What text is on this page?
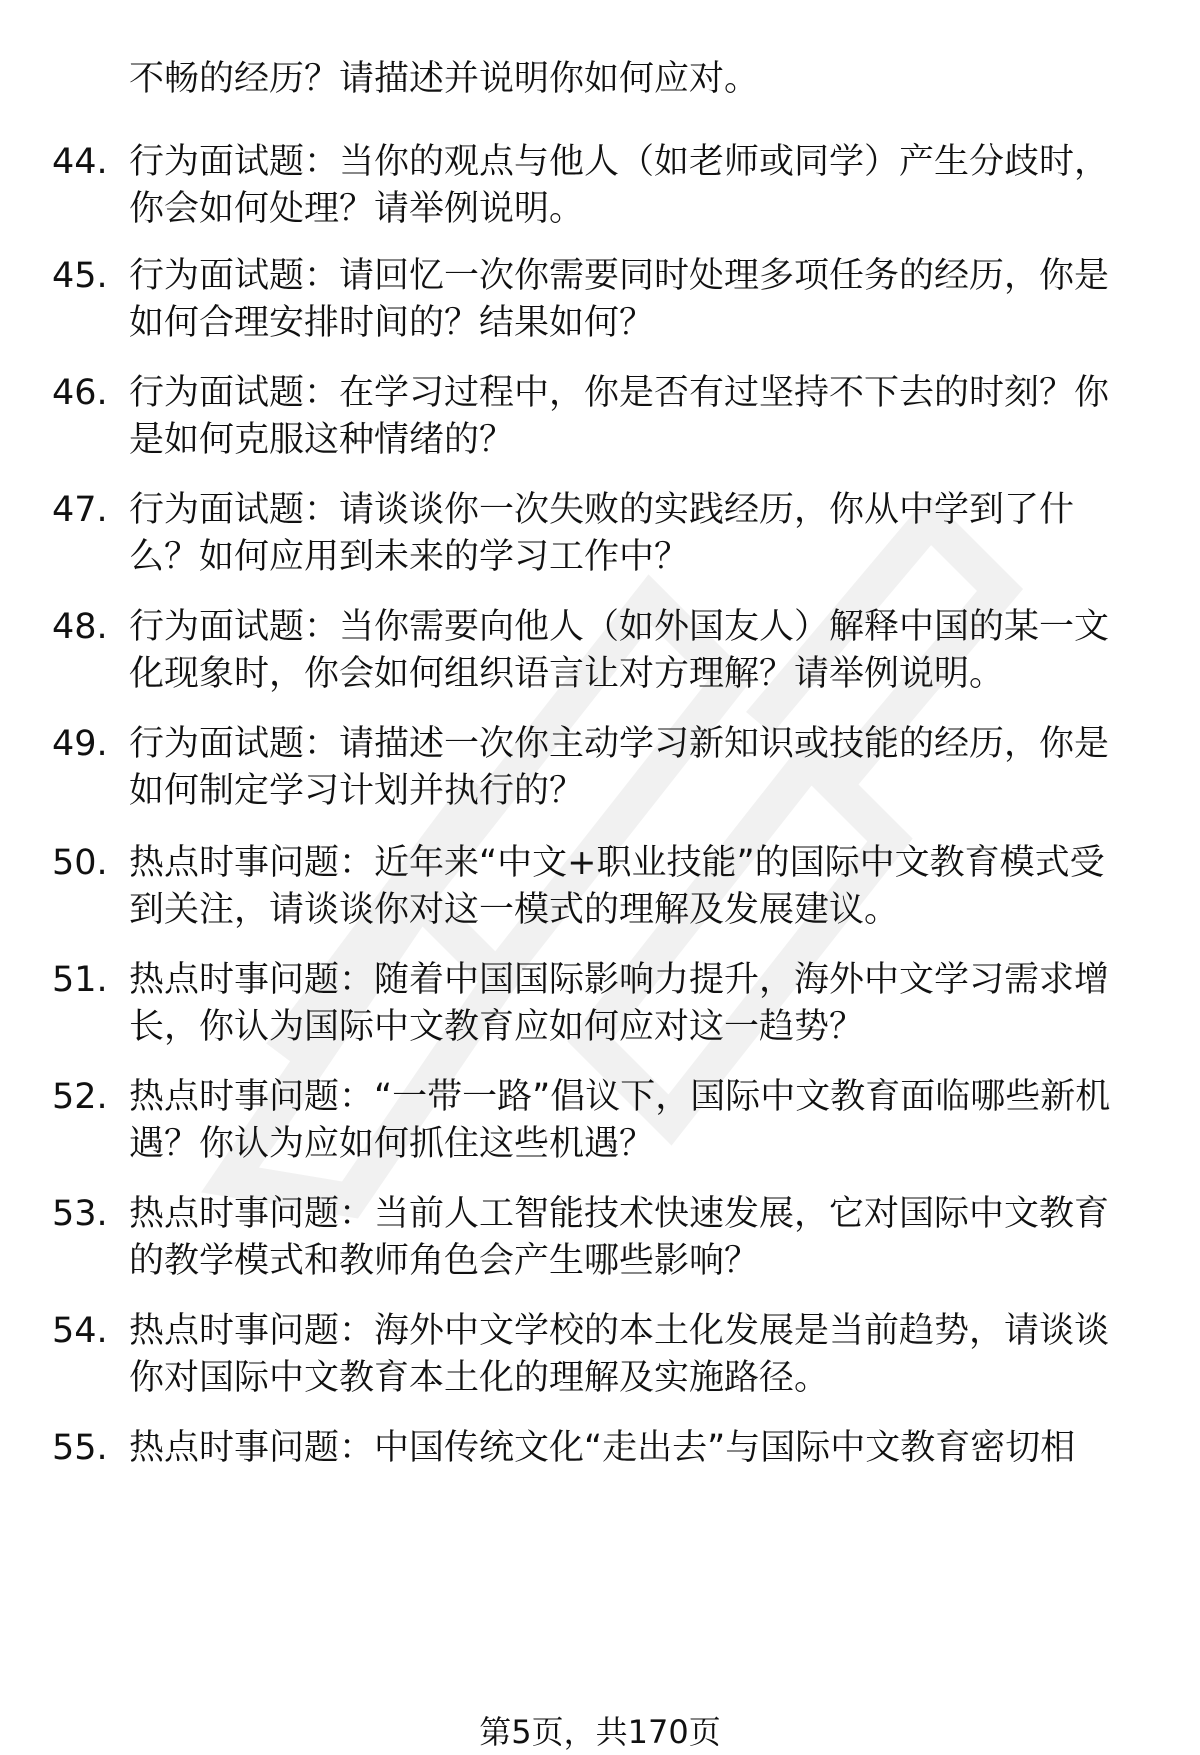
不畅的经历？请描述并说明你如何应对。

44. 行为面试题：当你的观点与他人（如老师或同学）产生分歧时，你会如何处理？请举例说明。
45. 行为面试题：请回忆一次你需要同时处理多项任务的经历，你是如何合理安排时间的？结果如何？
46. 行为面试题：在学习过程中，你是否有过坚持不下去的时刻？你是如何克服这种情绪的？
47. 行为面试题：请谈谈你一次失败的实践经历，你从中学到了什么？如何应用到未来的学习工作中？
48. 行为面试题：当你需要向他人（如外国友人）解释中国的某一文化现象时，你会如何组织语言让对方理解？请举例说明。
49. 行为面试题：请描述一次你主动学习新知识或技能的经历，你是如何制定学习计划并执行的？
50. 热点时事问题：近年来“中文+职业技能”的国际中文教育模式受到关注，请谈谈你对这一模式的理解及发展建议。
51. 热点时事问题：随着中国国际影响力提升，海外中文学习需求增长，你认为国际中文教育应如何应对这一趋势？
52. 热点时事问题：“一带一路”倡议下，国际中文教育面临哪些新机遇？你认为应如何抓住这些机遇？
53. 热点时事问题：当前人工智能技术快速发展，它对国际中文教育的教学模式和教师角色会产生哪些影响？
54. 热点时事问题：海外中文学校的本土化发展是当前趋势，请谈谈你对国际中文教育本土化的理解及实施路径。
55. 热点时事问题：中国传统文化“走出去”与国际中文教育密切相
第5页，共170页
